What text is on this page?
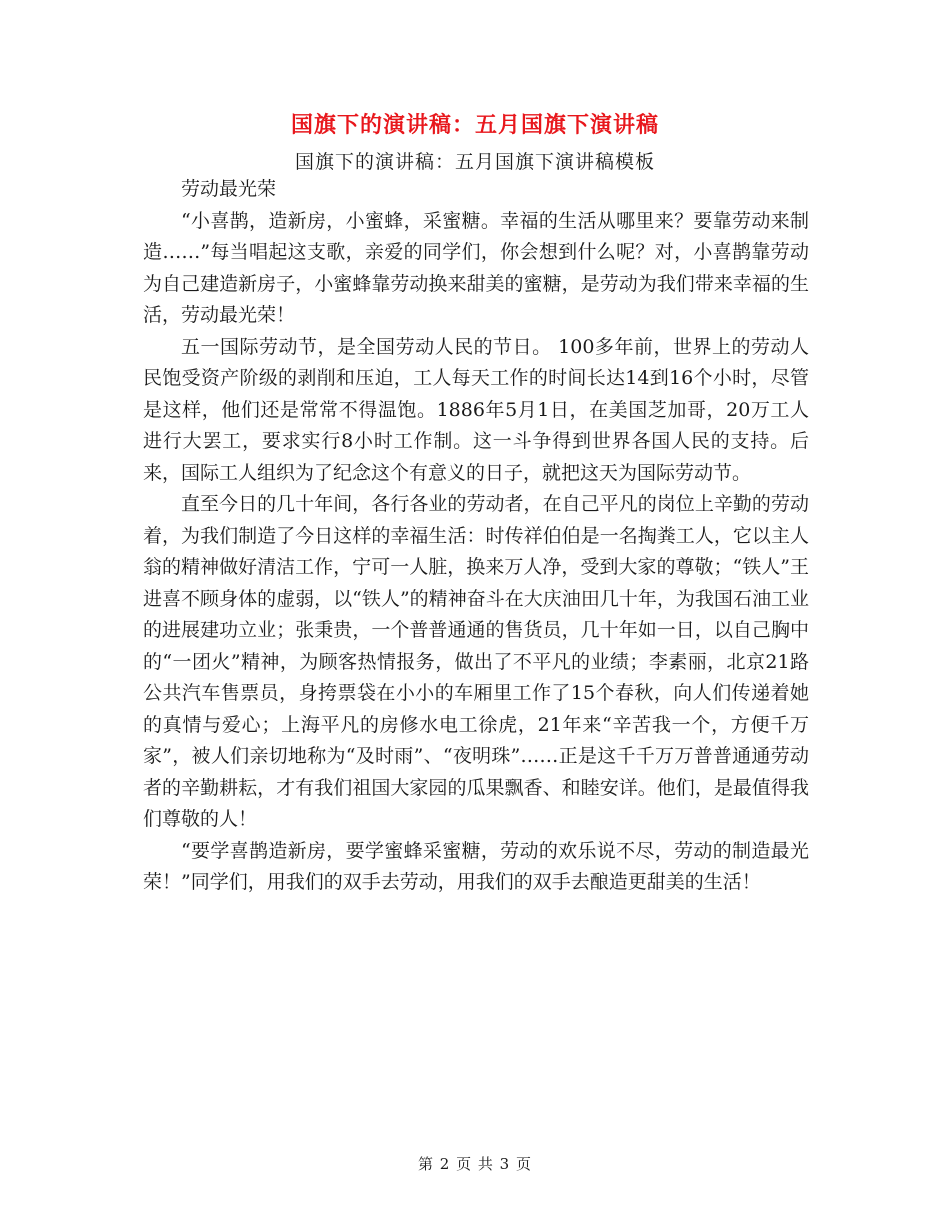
国旗下的演讲稿：五月国旗下演讲稿
国旗下的演讲稿：五月国旗下演讲稿模板

劳动最光荣

“小喜鹊，造新房，小蜜蜂，采蜜糖。幸福的生活从哪里来？要靠劳动来制造……”每当唱起这支歌，亲爱的同学们，你会想到什么呢？对，小喜鹊靠劳动为自己建造新房子，小蜜蜂靠劳动换来甜美的蜜糖，是劳动为我们带来幸福的生活，劳动最光荣！

五一国际劳动节，是全国劳动人民的节日。 100多年前，世界上的劳动人民饱受资产阶级的剥削和压迫，工人每天工作的时间长达14到16个小时，尽管是这样，他们还是常常不得温饱。1886年5月1日，在美国芝加哥，20万工人进行大罢工，要求实行8小时工作制。这一斗争得到世界各国人民的支持。后来，国际工人组织为了纪念这个有意义的日子，就把这天为国际劳动节。

直至今日的几十年间，各行各业的劳动者，在自己平凡的岗位上辛勤的劳动着，为我们制造了今日这样的幸福生活：时传祥伯伯是一名掏粪工人，它以主人翁的精神做好清洁工作，宁可一人脏，换来万人净，受到大家的尊敬；“铁人”王进喜不顾身体的虚弱，以“铁人”的精神奋斗在大庆油田几十年，为我国石油工业的进展建功立业；张秉贵，一个普普通通的售货员，几十年如一日，以自己胸中的“一团火”精神，为顾客热情报务，做出了不平凡的业绩；李素丽，北京21路公共汽车售票员，身挎票袋在小小的车厢里工作了15个春秋，向人们传递着她的真情与爱心；上海平凡的房修水电工徐虎，21年来“辛苦我一个，方便千万家”，被人们亲切地称为“及时雨”、“夜明珠”……正是这千千万万普普通通劳动者的辛勤耕耘，才有我们祖国大家园的瓜果飘香、和睦安详。他们，是最值得我们尊敬的人！

“要学喜鹊造新房，要学蜜蜂采蜜糖，劳动的欢乐说不尽，劳动的制造最光荣！”同学们，用我们的双手去劳动，用我们的双手去酿造更甜美的生活！

第 2 页 共 3 页
